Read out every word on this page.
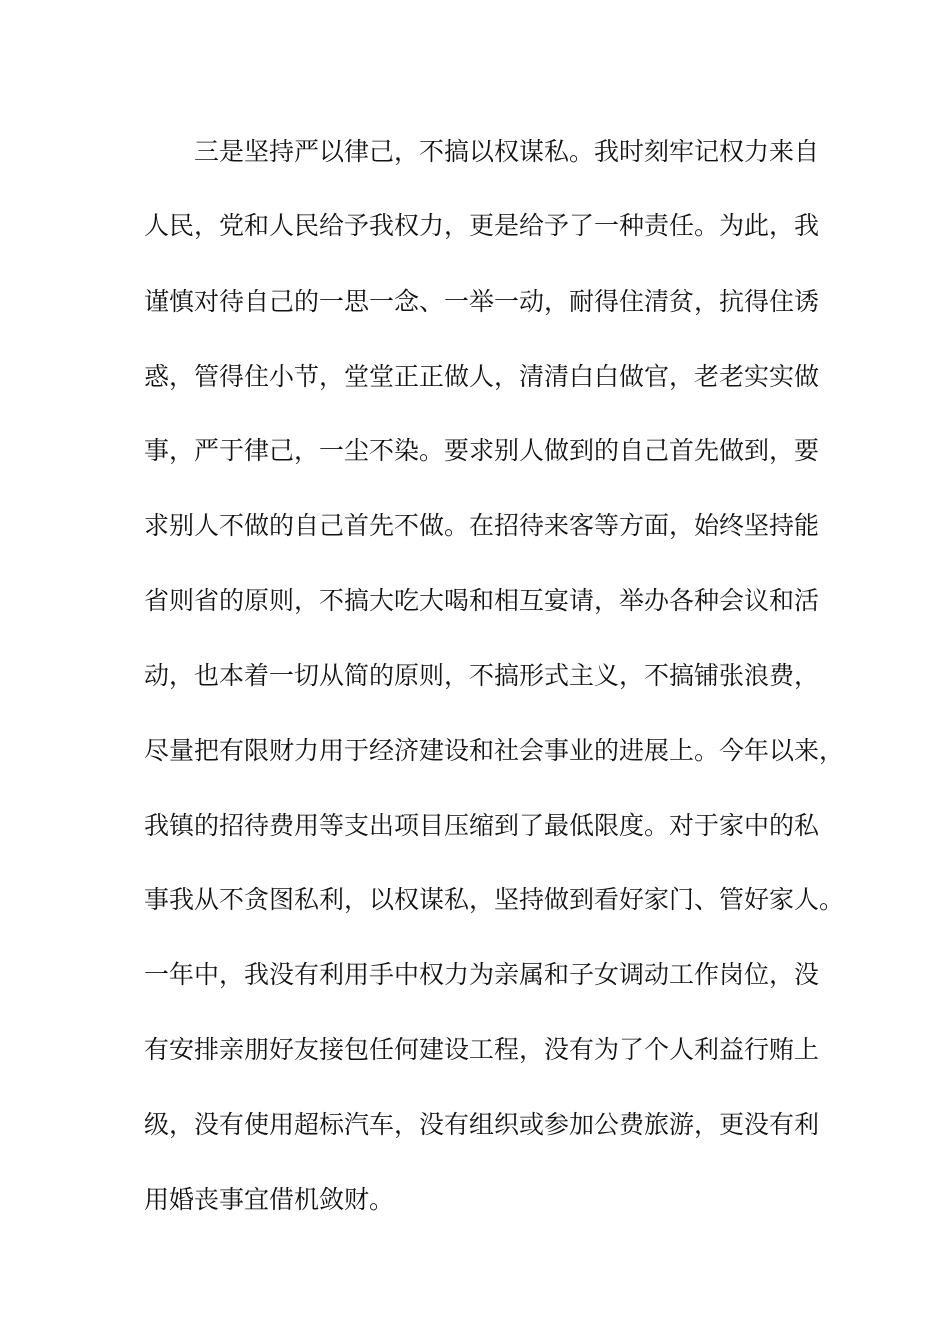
三是坚持严以律己，不搞以权谋私。我时刻牢记权力来自
人民，党和人民给予我权力，更是给予了一种责任。为此，我
谨慎对待自己的一思一念、一举一动，耐得住清贫，抗得住诱
惑，管得住小节，堂堂正正做人，清清白白做官，老老实实做
事，严于律己，一尘不染。要求别人做到的自己首先做到，要
求别人不做的自己首先不做。在招待来客等方面，始终坚持能
省则省的原则，不搞大吃大喝和相互宴请，举办各种会议和活
动，也本着一切从简的原则，不搞形式主义，不搞铺张浪费，
尽量把有限财力用于经济建设和社会事业的进展上。今年以来，
我镇的招待费用等支出项目压缩到了最低限度。对于家中的私
事我从不贪图私利，以权谋私，坚持做到看好家门、管好家人。
一年中，我没有利用手中权力为亲属和子女调动工作岗位，没
有安排亲朋好友接包任何建设工程，没有为了个人利益行贿上
级，没有使用超标汽车，没有组织或参加公费旅游，更没有利
用婚丧事宜借机敛财。
